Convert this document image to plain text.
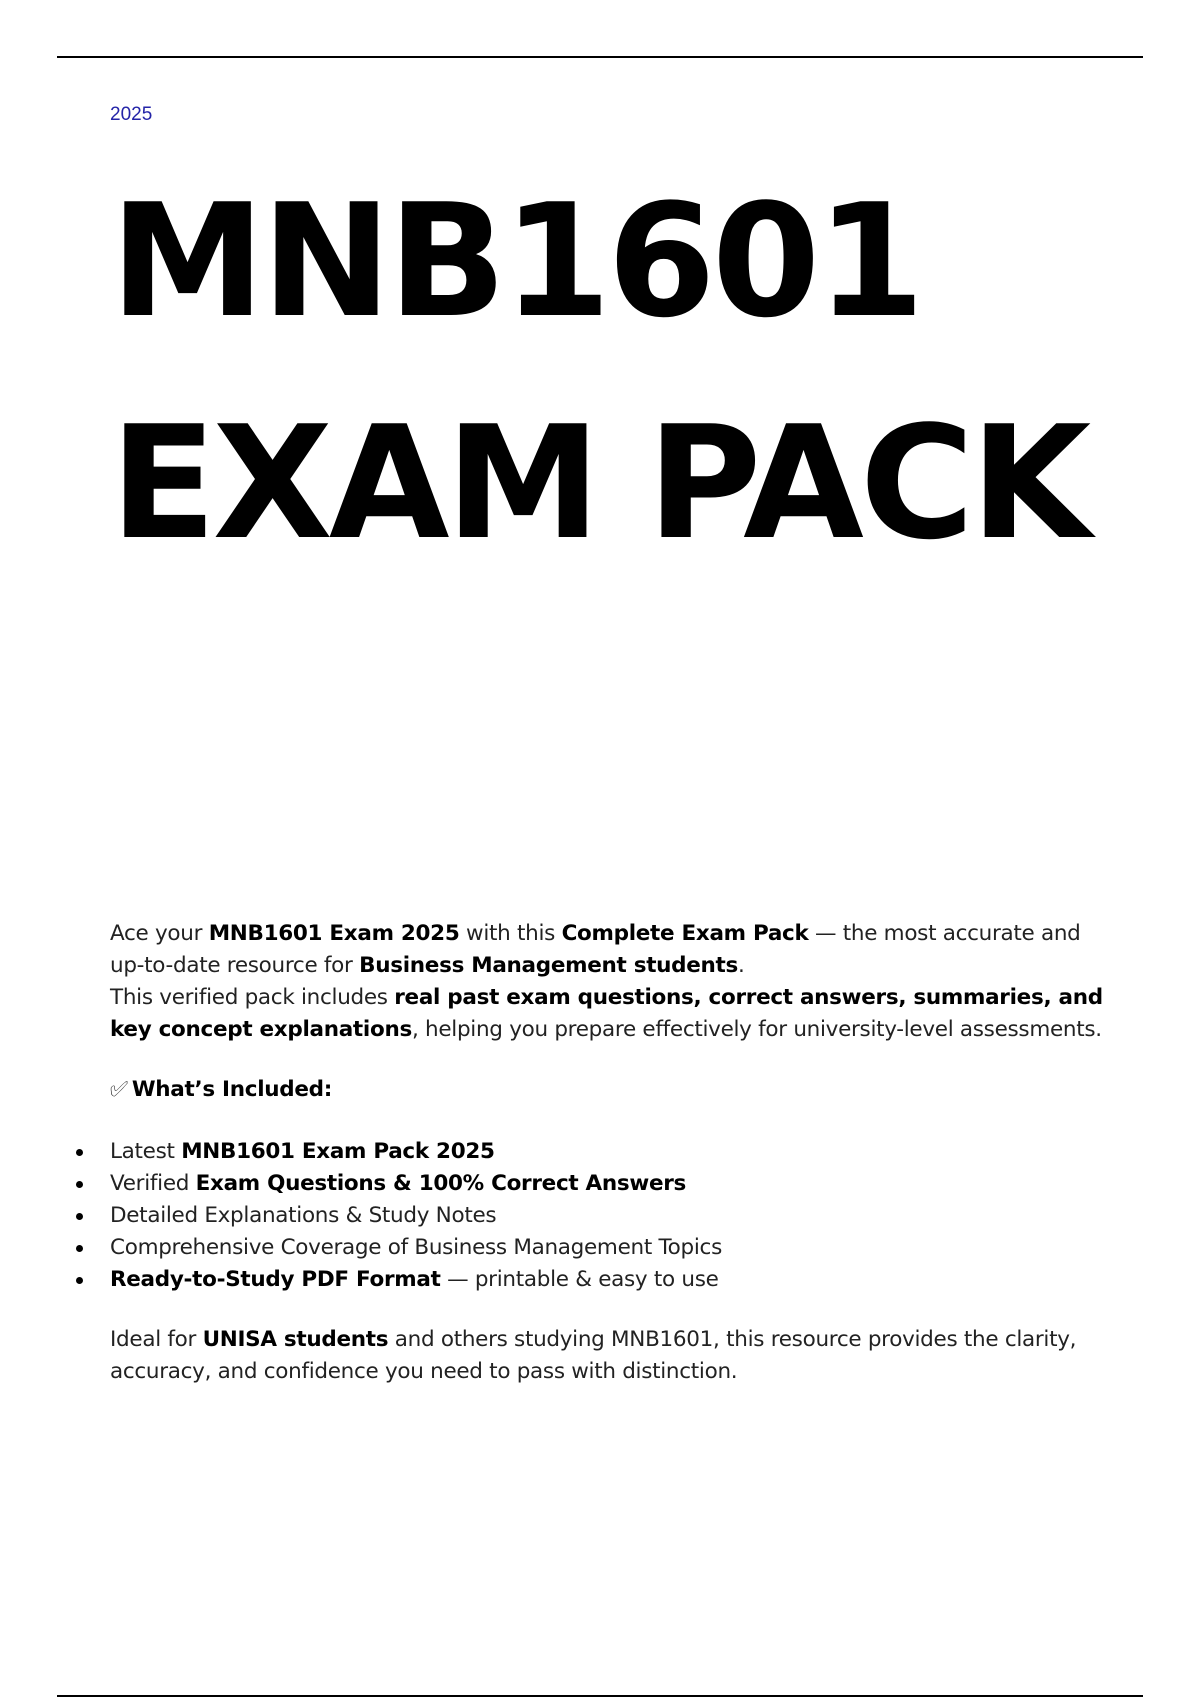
2025
MNB1601
EXAM PACK

Ace your MNB1601 Exam 2025 with this Complete Exam Pack — the most accurate and up-to-date resource for Business Management students.

This verified pack includes real past exam questions, correct answers, summaries, and key concept explanations, helping you prepare effectively for university-level assessments.

✅︎ What’s Included:

Latest MNB1601 Exam Pack 2025
Verified Exam Questions & 100% Correct Answers
Detailed Explanations & Study Notes
Comprehensive Coverage of Business Management Topics
Ready-to-Study PDF Format — printable & easy to use

Ideal for UNISA students and others studying MNB1601, this resource provides the clarity, accuracy, and confidence you need to pass with distinction.
